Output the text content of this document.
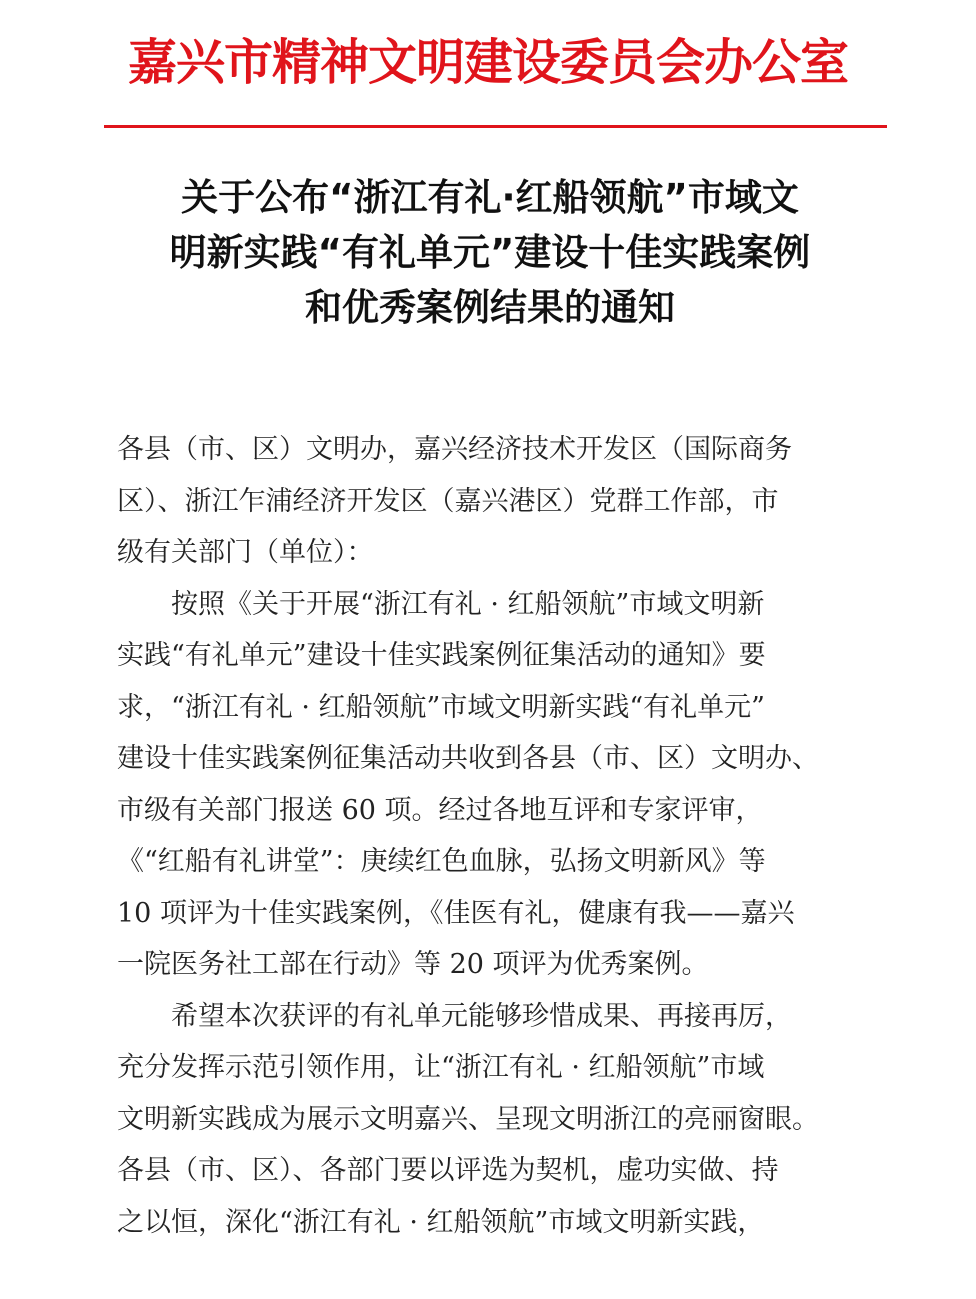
嘉兴市精神文明建设委员会办公室
关于公布“浙江有礼·红船领航”市域文
明新实践“有礼单元”建设十佳实践案例
和优秀案例结果的通知
各县（市、区）文明办，嘉兴经济技术开发区（国际商务
区）、浙江乍浦经济开发区（嘉兴港区）党群工作部，市
级有关部门（单位）：
　　按照《关于开展“浙江有礼 · 红船领航”市域文明新
实践“有礼单元”建设十佳实践案例征集活动的通知》要
求，“浙江有礼 · 红船领航”市域文明新实践“有礼单元”
建设十佳实践案例征集活动共收到各县（市、区）文明办、
市级有关部门报送 60 项。经过各地互评和专家评审，
《“红船有礼讲堂”：庚续红色血脉，弘扬文明新风》等
10 项评为十佳实践案例，《佳医有礼，健康有我——嘉兴
一院医务社工部在行动》等 20 项评为优秀案例。
　　希望本次获评的有礼单元能够珍惜成果、再接再厉，
充分发挥示范引领作用，让“浙江有礼 · 红船领航”市域
文明新实践成为展示文明嘉兴、呈现文明浙江的亮丽窗眼。
各县（市、区）、各部门要以评选为契机，虚功实做、持
之以恒，深化“浙江有礼 · 红船领航”市域文明新实践，
